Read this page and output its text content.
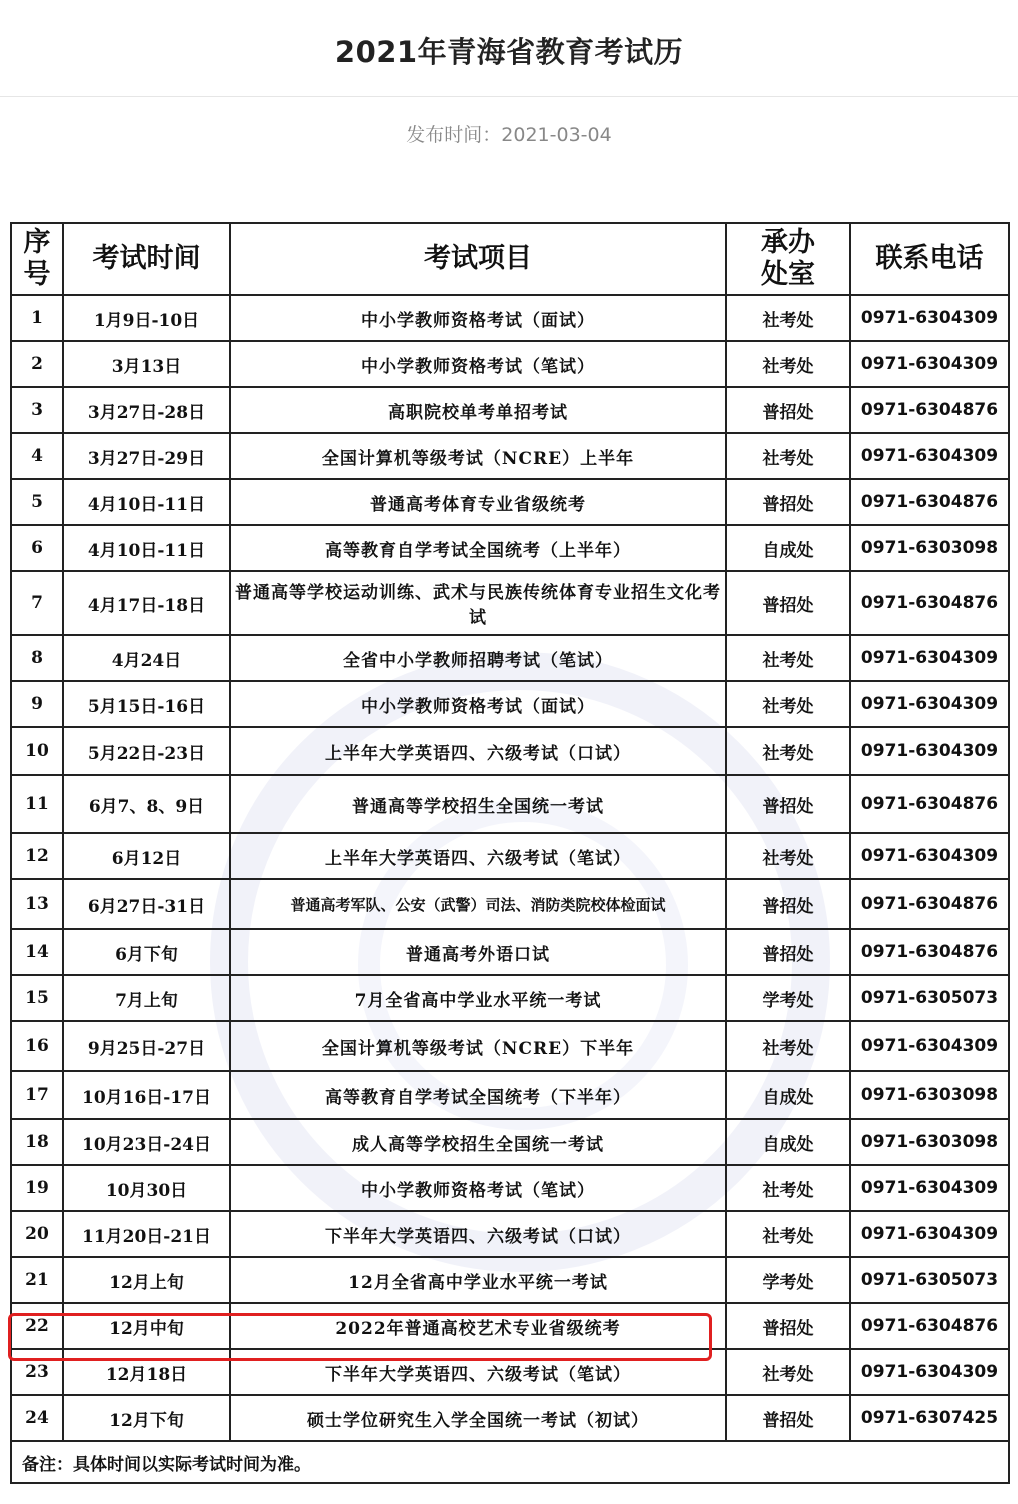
2021年青海省教育考试历
发布时间：2021-03-04
序号	考试时间	考试项目	承办处室	联系电话
1	1月9日-10日	中小学教师资格考试（面试）	社考处	0971-6304309
2	3月13日	中小学教师资格考试（笔试）	社考处	0971-6304309
3	3月27日-28日	高职院校单考单招考试	普招处	0971-6304876
4	3月27日-29日	全国计算机等级考试（NCRE）上半年	社考处	0971-6304309
5	4月10日-11日	普通高考体育专业省级统考	普招处	0971-6304876
6	4月10日-11日	高等教育自学考试全国统考（上半年）	自成处	0971-6303098
7	4月17日-18日	普通高等学校运动训练、武术与民族传统体育专业招生文化考试	普招处	0971-6304876
8	4月24日	全省中小学教师招聘考试（笔试）	社考处	0971-6304309
9	5月15日-16日	中小学教师资格考试（面试）	社考处	0971-6304309
10	5月22日-23日	上半年大学英语四、六级考试（口试）	社考处	0971-6304309
11	6月7、8、9日	普通高等学校招生全国统一考试	普招处	0971-6304876
12	6月12日	上半年大学英语四、六级考试（笔试）	社考处	0971-6304309
13	6月27日-31日	普通高考军队、公安（武警）司法、消防类院校体检面试	普招处	0971-6304876
14	6月下旬	普通高考外语口试	普招处	0971-6304876
15	7月上旬	7月全省高中学业水平统一考试	学考处	0971-6305073
16	9月25日-27日	全国计算机等级考试（NCRE）下半年	社考处	0971-6304309
17	10月16日-17日	高等教育自学考试全国统考（下半年）	自成处	0971-6303098
18	10月23日-24日	成人高等学校招生全国统一考试	自成处	0971-6303098
19	10月30日	中小学教师资格考试（笔试）	社考处	0971-6304309
20	11月20日-21日	下半年大学英语四、六级考试（口试）	社考处	0971-6304309
21	12月上旬	12月全省高中学业水平统一考试	学考处	0971-6305073
22	12月中旬	2022年普通高校艺术专业省级统考	普招处	0971-6304876
23	12月18日	下半年大学英语四、六级考试（笔试）	社考处	0971-6304309
24	12月下旬	硕士学位研究生入学全国统一考试（初试）	普招处	0971-6307425
备注：具体时间以实际考试时间为准。				
